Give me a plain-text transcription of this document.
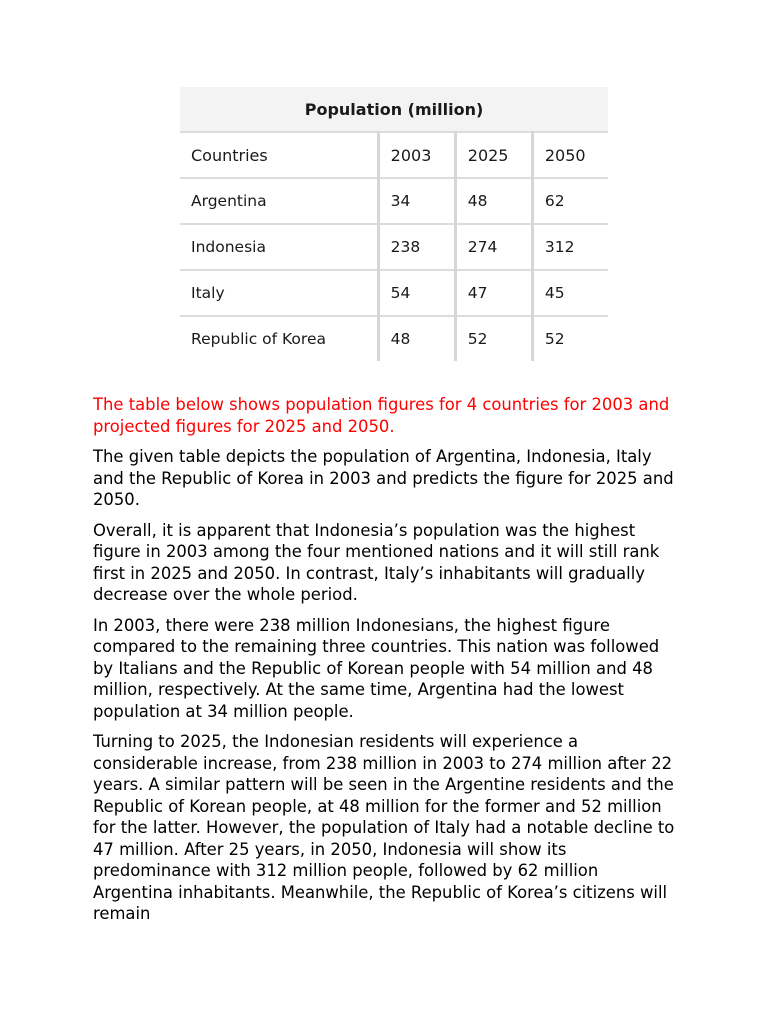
Population (million)			
Countries	2003	2025	2050
Argentina	34	48	62
Indonesia	238	274	312
Italy	54	47	45
Republic of Korea	48	52	52

The table below shows population figures for 4 countries for 2003 and projected figures for 2025 and 2050.

The given table depicts the population of Argentina, Indonesia, Italy and the Republic of Korea in 2003 and predicts the figure for 2025 and 2050.

Overall, it is apparent that Indonesia’s population was the highest figure in 2003 among the four mentioned nations and it will still rank first in 2025 and 2050. In contrast, Italy’s inhabitants will gradually decrease over the whole period.

In 2003, there were 238 million Indonesians, the highest figure compared to the remaining three countries. This nation was followed by Italians and the Republic of Korean people with 54 million and 48 million, respectively. At the same time, Argentina had the lowest population at 34 million people.

Turning to 2025, the Indonesian residents will experience a considerable increase, from 238 million in 2003 to 274 million after 22 years. A similar pattern will be seen in the Argentine residents and the Republic of Korean people, at 48 million for the former and 52 million for the latter. However, the population of Italy had a notable decline to 47 million. After 25 years, in 2050, Indonesia will show its predominance with 312 million people, followed by 62 million Argentina inhabitants. Meanwhile, the Republic of Korea’s citizens will remain
